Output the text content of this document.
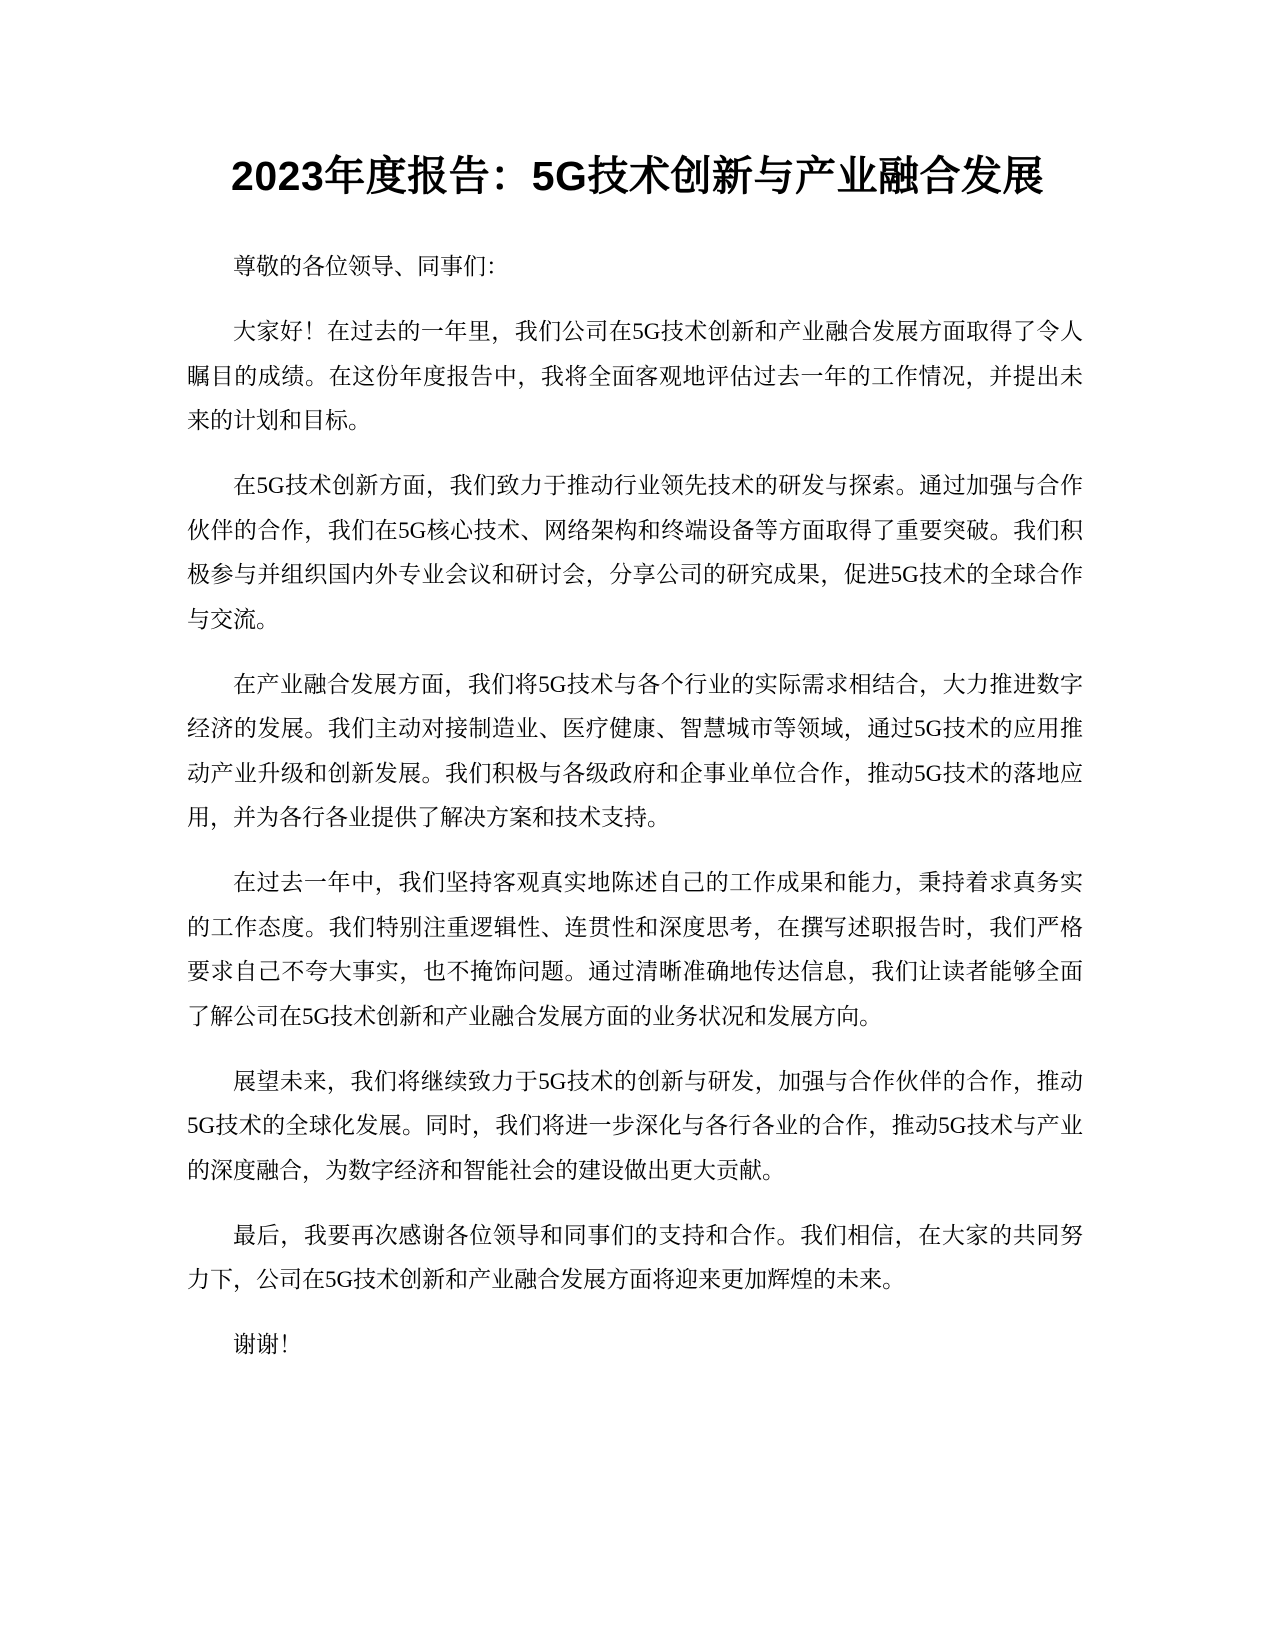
2023年度报告：5G技术创新与产业融合发展

尊敬的各位领导、同事们：

大家好！在过去的一年里，我们公司在5G技术创新和产业融合发展方面取得了令人瞩目的成绩。在这份年度报告中，我将全面客观地评估过去一年的工作情况，并提出未来的计划和目标。

在5G技术创新方面，我们致力于推动行业领先技术的研发与探索。通过加强与合作伙伴的合作，我们在5G核心技术、网络架构和终端设备等方面取得了重要突破。我们积极参与并组织国内外专业会议和研讨会，分享公司的研究成果，促进5G技术的全球合作与交流。

在产业融合发展方面，我们将5G技术与各个行业的实际需求相结合，大力推进数字经济的发展。我们主动对接制造业、医疗健康、智慧城市等领域，通过5G技术的应用推动产业升级和创新发展。我们积极与各级政府和企事业单位合作，推动5G技术的落地应用，并为各行各业提供了解决方案和技术支持。

在过去一年中，我们坚持客观真实地陈述自己的工作成果和能力，秉持着求真务实的工作态度。我们特别注重逻辑性、连贯性和深度思考，在撰写述职报告时，我们严格要求自己不夸大事实，也不掩饰问题。通过清晰准确地传达信息，我们让读者能够全面了解公司在5G技术创新和产业融合发展方面的业务状况和发展方向。

展望未来，我们将继续致力于5G技术的创新与研发，加强与合作伙伴的合作，推动5G技术的全球化发展。同时，我们将进一步深化与各行各业的合作，推动5G技术与产业的深度融合，为数字经济和智能社会的建设做出更大贡献。

最后，我要再次感谢各位领导和同事们的支持和合作。我们相信，在大家的共同努力下，公司在5G技术创新和产业融合发展方面将迎来更加辉煌的未来。

谢谢！
